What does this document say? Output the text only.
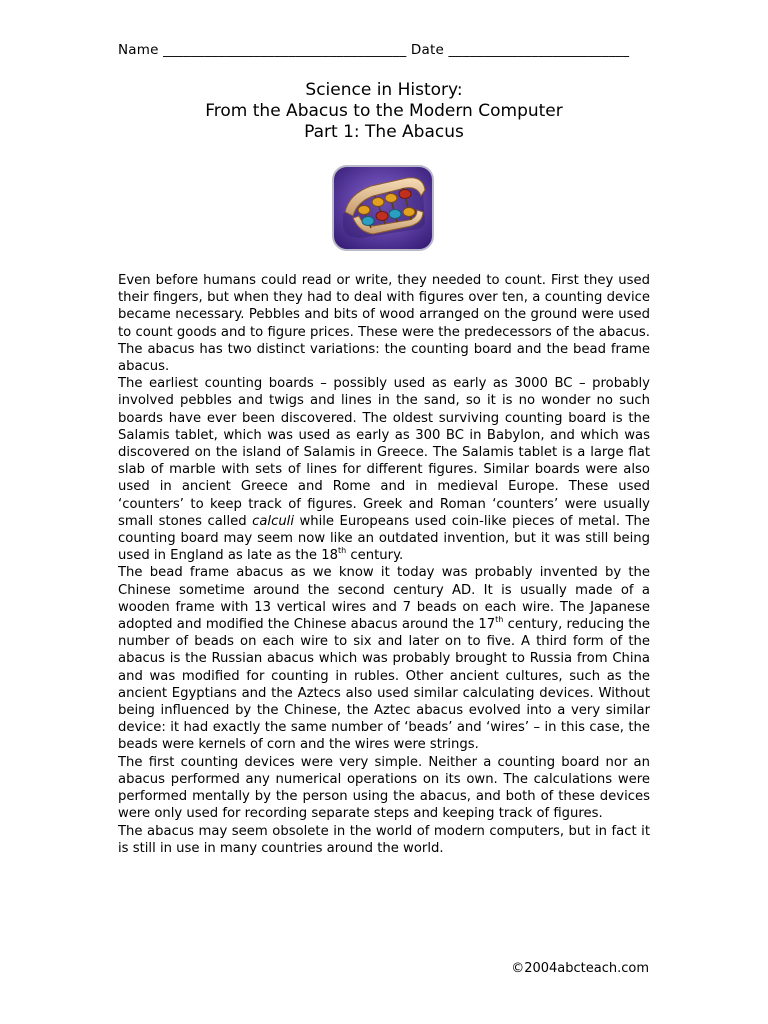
Name ___________________________________ Date __________________________
Science in History:
From the Abacus to the Modern Computer
Part 1: The Abacus

Even before humans could read or write, they needed to count. First they used their fingers, but when they had to deal with figures over ten, a counting device became necessary. Pebbles and bits of wood arranged on the ground were used to count goods and to figure prices. These were the predecessors of the abacus. The abacus has two distinct variations: the counting board and the bead frame abacus.

The earliest counting boards – possibly used as early as 3000 BC – probably involved pebbles and twigs and lines in the sand, so it is no wonder no such boards have ever been discovered. The oldest surviving counting board is the Salamis tablet, which was used as early as 300 BC in Babylon, and which was discovered on the island of Salamis in Greece. The Salamis tablet is a large flat slab of marble with sets of lines for different figures. Similar boards were also used in ancient Greece and Rome and in medieval Europe. These used ‘counters’ to keep track of figures. Greek and Roman ‘counters’ were usually small stones called calculi while Europeans used coin-like pieces of metal. The counting board may seem now like an outdated invention, but it was still being used in England as late as the 18th century.

The bead frame abacus as we know it today was probably invented by the Chinese sometime around the second century AD. It is usually made of a wooden frame with 13 vertical wires and 7 beads on each wire. The Japanese adopted and modified the Chinese abacus around the 17th century, reducing the number of beads on each wire to six and later on to five. A third form of the abacus is the Russian abacus which was probably brought to Russia from China and was modified for counting in rubles. Other ancient cultures, such as the ancient Egyptians and the Aztecs also used similar calculating devices. Without being influenced by the Chinese, the Aztec abacus evolved into a very similar device: it had exactly the same number of ‘beads’ and ‘wires’ – in this case, the beads were kernels of corn and the wires were strings.

The first counting devices were very simple. Neither a counting board nor an abacus performed any numerical operations on its own. The calculations were performed mentally by the person using the abacus, and both of these devices were only used for recording separate steps and keeping track of figures.

The abacus may seem obsolete in the world of modern computers, but in fact it is still in use in many countries around the world.

©2004abcteach.com
